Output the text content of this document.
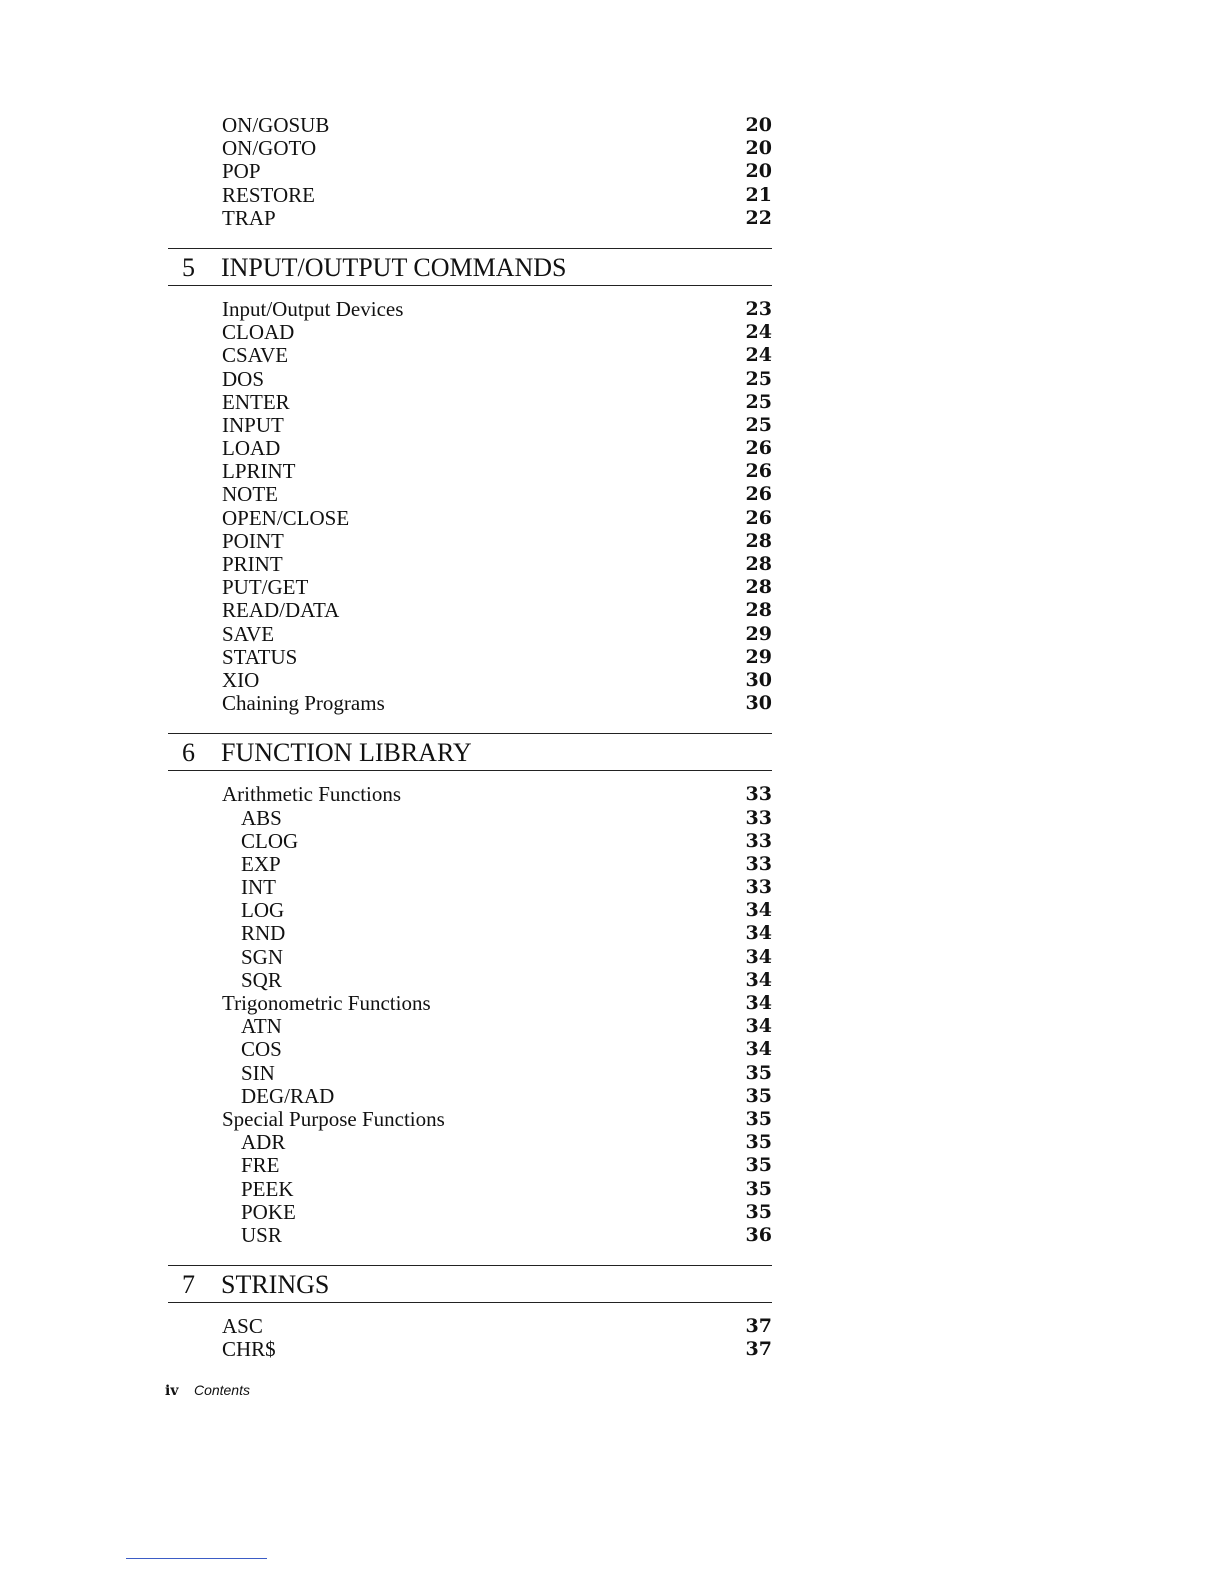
ON/GOSUB	20
ON/GOTO	20
POP	20
RESTORE	21
TRAP	22
5 INPUT/OUTPUT COMMANDS
Input/Output Devices	23
CLOAD	24
CSAVE	24
DOS	25
ENTER	25
INPUT	25
LOAD	26
LPRINT	26
NOTE	26
OPEN/CLOSE	26
POINT	28
PRINT	28
PUT/GET	28
READ/DATA	28
SAVE	29
STATUS	29
XIO	30
Chaining Programs	30
6 FUNCTION LIBRARY
Arithmetic Functions	33
ABS	33
CLOG	33
EXP	33
INT	33
LOG	34
RND	34
SGN	34
SQR	34
Trigonometric Functions	34
ATN	34
COS	34
SIN	35
DEG/RAD	35
Special Purpose Functions	35
ADR	35
FRE	35
PEEK	35
POKE	35
USR	36
7 STRINGS
ASC	37
CHR$	37
iv Contents
